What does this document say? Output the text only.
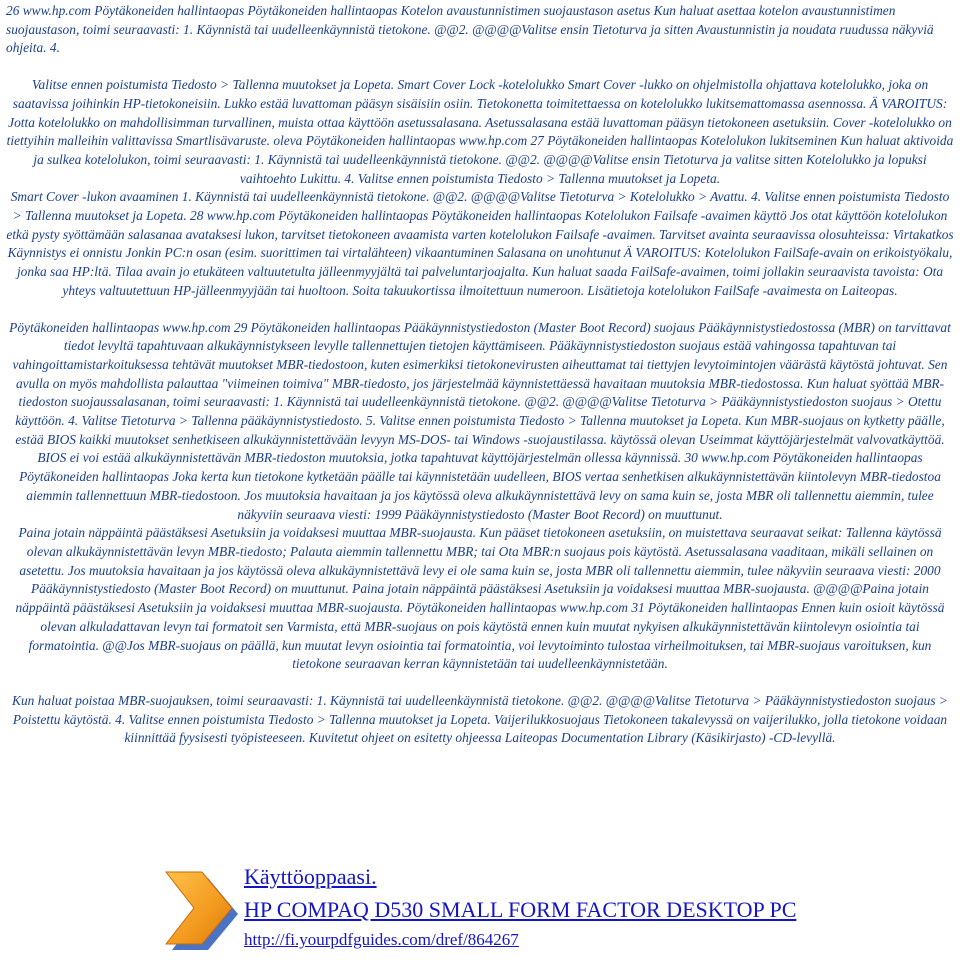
26 www.hp.com Pöytäkoneiden hallintaopas Pöytäkoneiden hallintaopas Kotelon avaustunnistimen suojaustason asetus Kun haluat asettaa kotelon avaustunnistimen suojaustason, toimi seuraavasti: 1. Käynnistä tai uudelleenkäynnistä tietokone. @@2. @@@@Valitse ensin Tietoturva ja sitten Avaustunnistin ja noudata ruudussa näkyviä ohjeita. 4.

Valitse ennen poistumista Tiedosto > Tallenna muutokset ja Lopeta. Smart Cover Lock -kotelolukko Smart Cover -lukko on ohjelmistolla ohjattava kotelolukko, joka on saatavissa joihinkin HP-tietokoneisiin. Lukko estää luvattoman pääsyn sisäisiin osiin. Tietokonetta toimitettaessa on kotelolukko lukitsemattomassa asennossa. Ä VAROITUS: Jotta kotelolukko on mahdollisimman turvallinen, muista ottaa käyttöön asetussalasana. Asetussalasana estää luvattoman pääsyn tietokoneen asetuksiin. Cover -kotelolukko on tiettyihin malleihin valittavissa Smartlisävaruste. oleva Pöytäkoneiden hallintaopas www.hp.com 27 Pöytäkoneiden hallintaopas Kotelolukon lukitseminen Kun haluat aktivoida ja sulkea kotelolukon, toimi seuraavasti: 1. Käynnistä tai uudelleenkäynnistä tietokone. @@2. @@@@Valitse ensin Tietoturva ja valitse sitten Kotelolukko ja lopuksi vaihtoehto Lukittu. 4. Valitse ennen poistumista Tiedosto > Tallenna muutokset ja Lopeta.

Smart Cover -lukon avaaminen 1. Käynnistä tai uudelleenkäynnistä tietokone. @@2. @@@@Valitse Tietoturva > Kotelolukko > Avattu. 4. Valitse ennen poistumista Tiedosto > Tallenna muutokset ja Lopeta. 28 www.hp.com Pöytäkoneiden hallintaopas Pöytäkoneiden hallintaopas Kotelolukon Failsafe -avaimen käyttö Jos otat käyttöön kotelolukon etkä pysty syöttämään salasanaa avataksesi lukon, tarvitset tietokoneen avaamista varten kotelolukon Failsafe -avaimen. Tarvitset avainta seuraavissa olosuhteissa: Virtakatkos Käynnistys ei onnistu Jonkin PC:n osan (esim. suorittimen tai virtalähteen) vikaantuminen Salasana on unohtunut Ä VAROITUS: Kotelolukon FailSafe-avain on erikoistyökalu, jonka saa HP:ltä. Tilaa avain jo etukäteen valtuutetulta jälleenmyyjältä tai palveluntarjoajalta. Kun haluat saada FailSafe-avaimen, toimi jollakin seuraavista tavoista: Ota yhteys valtuutettuun HP-jälleenmyyjään tai huoltoon. Soita takuukortissa ilmoitettuun numeroon. Lisätietoja kotelolukon FailSafe -avaimesta on Laiteopas.

Pöytäkoneiden hallintaopas www.hp.com 29 Pöytäkoneiden hallintaopas Pääkäynnistystiedoston (Master Boot Record) suojaus Pääkäynnistystiedostossa (MBR) on tarvittavat tiedot levyltä tapahtuvaan alkukäynnistykseen levylle tallennettujen tietojen käyttämiseen. Pääkäynnistystiedoston suojaus estää vahingossa tapahtuvan tai vahingoittamistarkoituksessa tehtävät muutokset MBR-tiedostoon, kuten esimerkiksi tietokonevirusten aiheuttamat tai tiettyjen levytoimintojen väärästä käytöstä johtuvat. Sen avulla on myös mahdollista palauttaa "viimeinen toimiva" MBR-tiedosto, jos järjestelmää käynnistettäessä havaitaan muutoksia MBR-tiedostossa. Kun haluat syöttää MBR-tiedoston suojaussalasanan, toimi seuraavasti: 1. Käynnistä tai uudelleenkäynnistä tietokone. @@2. @@@@Valitse Tietoturva > Pääkäynnistystiedoston suojaus > Otettu käyttöön. 4. Valitse Tietoturva > Tallenna pääkäynnistystiedosto. 5. Valitse ennen poistumista Tiedosto > Tallenna muutokset ja Lopeta. Kun MBR-suojaus on kytketty päälle, estää BIOS kaikki muutokset senhetkiseen alkukäynnistettävään levyyn MS-DOS- tai Windows -suojaustilassa. käytössä olevan Useimmat käyttöjärjestelmät valvovatkäyttöä.

BIOS ei voi estää alkukäynnistettävän MBR-tiedoston muutoksia, jotka tapahtuvat käyttöjärjestelmän ollessa käynnissä. 30 www.hp.com Pöytäkoneiden hallintaopas Pöytäkoneiden hallintaopas Joka kerta kun tietokone kytketään päälle tai käynnistetään uudelleen, BIOS vertaa senhetkisen alkukäynnistettävän kiintolevyn MBR-tiedostoa aiemmin tallennettuun MBR-tiedostoon. Jos muutoksia havaitaan ja jos käytössä oleva alkukäynnistettävä levy on sama kuin se, josta MBR oli tallennettu aiemmin, tulee näkyviin seuraava viesti: 1999 Pääkäynnistystiedosto (Master Boot Record) on muuttunut.

Paina jotain näppäintä päästäksesi Asetuksiin ja voidaksesi muuttaa MBR-suojausta. Kun pääset tietokoneen asetuksiin, on muistettava seuraavat seikat: Tallenna käytössä olevan alkukäynnistettävän levyn MBR-tiedosto; Palauta aiemmin tallennettu MBR; tai Ota MBR:n suojaus pois käytöstä. Asetussalasana vaaditaan, mikäli sellainen on asetettu. Jos muutoksia havaitaan ja jos käytössä oleva alkukäynnistettävä levy ei ole sama kuin se, josta MBR oli tallennettu aiemmin, tulee näkyviin seuraava viesti: 2000 Pääkäynnistystiedosto (Master Boot Record) on muuttunut. Paina jotain näppäintä päästäksesi Asetuksiin ja voidaksesi muuttaa MBR-suojausta. @@@@Paina jotain näppäintä päästäksesi Asetuksiin ja voidaksesi muuttaa MBR-suojausta. Pöytäkoneiden hallintaopas www.hp.com 31 Pöytäkoneiden hallintaopas Ennen kuin osioit käytössä olevan alkuladattavan levyn tai formatoit sen Varmista, että MBR-suojaus on pois käytöstä ennen kuin muutat nykyisen alkukäynnistettävän kiintolevyn osiointia tai formatointia. @@Jos MBR-suojaus on päällä, kun muutat levyn osiointia tai formatointia, voi levytoiminto tulostaa virheilmoituksen, tai MBR-suojaus varoituksen, kun tietokone seuraavan kerran käynnistetään tai uudelleenkäynnistetään.

Kun haluat poistaa MBR-suojauksen, toimi seuraavasti: 1. Käynnistä tai uudelleenkäynnistä tietokone. @@2. @@@@Valitse Tietoturva > Pääkäynnistystiedoston suojaus > Poistettu käytöstä. 4. Valitse ennen poistumista Tiedosto > Tallenna muutokset ja Lopeta. Vaijerilukkosuojaus Tietokoneen takalevyssä on vaijerilukko, jolla tietokone voidaan kiinnittää fyysisesti työpisteeseen. Kuvitetut ohjeet on esitetty ohjeessa Laiteopas Documentation Library (Käsikirjasto) -CD-levyllä.

Käyttöoppaasi.
HP COMPAQ D530 SMALL FORM FACTOR DESKTOP PC
http://fi.yourpdfguides.com/dref/864267
